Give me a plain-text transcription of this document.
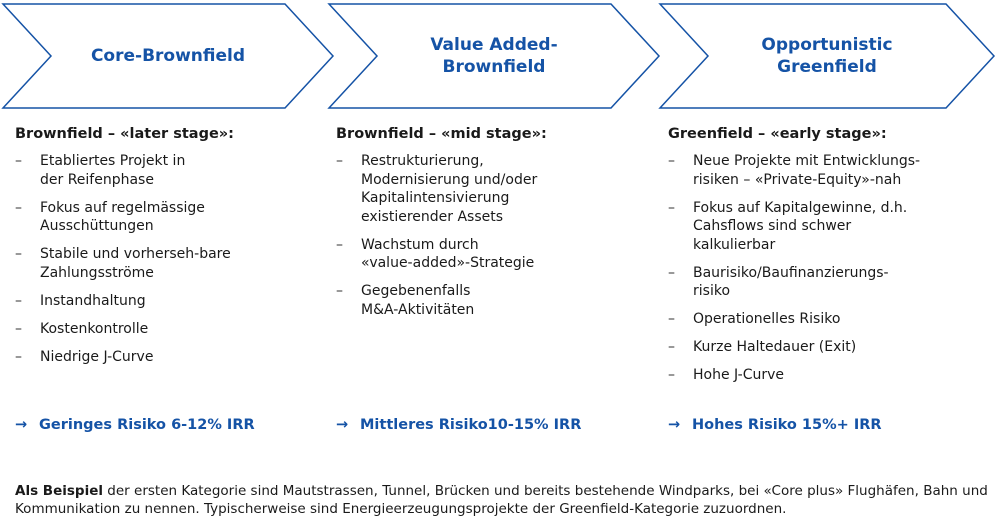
Core-Brownfield
Value Added-
Brownfield
Opportunistic
Greenfield
Brownfield – «later stage»:
– Etabliertes Projekt in
der Reifenphase
– Fokus auf regelmässige
Ausschüttungen
– Stabile und vorherseh-bare
Zahlungsströme
– Instandhaltung
– Kostenkontrolle
– Niedrige J-Curve
Brownfield – «mid stage»:
– Restrukturierung,
Modernisierung und/oder
Kapitalintensivierung
existierender Assets
– Wachstum durch
«value-added»-Strategie
– Gegebenenfalls
M&A-Aktivitäten
Greenfield – «early stage»:
– Neue Projekte mit Entwicklungs-
risiken – «Private-Equity»-nah
– Fokus auf Kapitalgewinne, d.h.
Cahsflows sind schwer
kalkulierbar
– Baurisiko/Baufinanzierungs-
risiko
– Operationelles Risiko
– Kurze Haltedauer (Exit)
– Hohe J-Curve
→ Geringes Risiko 6-12% IRR	→ Mittleres Risiko10-15% IRR	→ Hohes Risiko 15%+ IRR
Als Beispiel der ersten Kategorie sind Mautstrassen, Tunnel, Brücken und bereits bestehende Windparks, bei «Core plus» Flughäfen, Bahn und Kommunikation zu nennen. Typischerweise sind Energieerzeugungsprojekte der Greenfield-Kategorie zuzuordnen.
